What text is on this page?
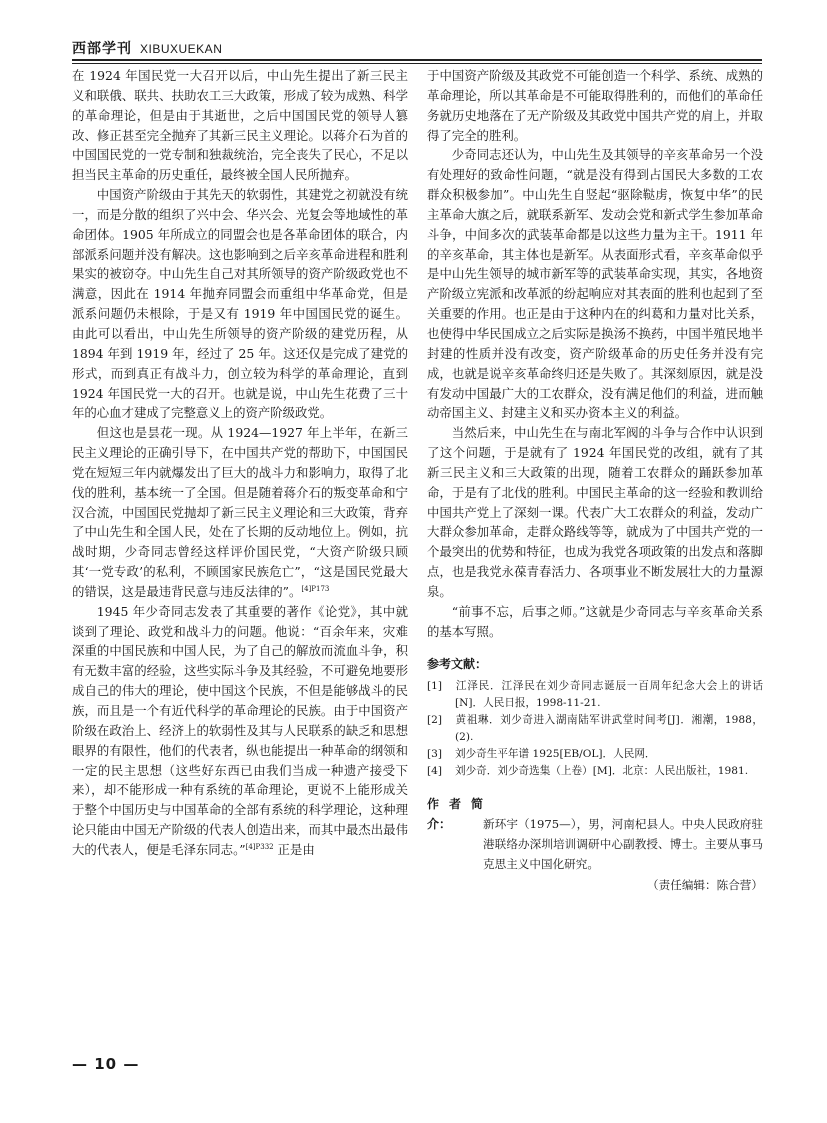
西部学刊 XIBUXUEKAN

在 1924 年国民党一大召开以后，中山先生提出了新三民主义和联俄、联共、扶助农工三大政策，形成了较为成熟、科学的革命理论，但是由于其逝世，之后中国国民党的领导人篡改、修正甚至完全抛弃了其新三民主义理论。以蒋介石为首的中国国民党的一党专制和独裁统治，完全丧失了民心，不足以担当民主革命的历史重任，最终被全国人民所抛弃。

中国资产阶级由于其先天的软弱性，其建党之初就没有统一，而是分散的组织了兴中会、华兴会、光复会等地域性的革命团体。1905 年所成立的同盟会也是各革命团体的联合，内部派系问题并没有解决。这也影响到之后辛亥革命进程和胜利果实的被窃夺。中山先生自己对其所领导的资产阶级政党也不满意，因此在 1914 年抛弃同盟会而重组中华革命党，但是派系问题仍未根除，于是又有 1919 年中国国民党的诞生。由此可以看出，中山先生所领导的资产阶级的建党历程，从 1894 年到 1919 年，经过了 25 年。这还仅是完成了建党的形式，而到真正有战斗力，创立较为科学的革命理论，直到 1924 年国民党一大的召开。也就是说，中山先生花费了三十年的心血才建成了完整意义上的资产阶级政党。

但这也是昙花一现。从 1924—1927 年上半年，在新三民主义理论的正确引导下，在中国共产党的帮助下，中国国民党在短短三年内就爆发出了巨大的战斗力和影响力，取得了北伐的胜利，基本统一了全国。但是随着蒋介石的叛变革命和宁汉合流，中国国民党抛却了新三民主义理论和三大政策，背弃了中山先生和全国人民，处在了长期的反动地位上。例如，抗战时期，少奇同志曾经这样评价国民党，“大资产阶级只顾其‘一党专政’的私利，不顾国家民族危亡”，“这是国民党最大的错误，这是最违背民意与违反法律的”。$^{[4]P173}$

1945 年少奇同志发表了其重要的著作《论党》，其中就谈到了理论、政党和战斗力的问题。他说：“百余年来，灾难深重的中国民族和中国人民，为了自己的解放而流血斗争，积有无数丰富的经验，这些实际斗争及其经验，不可避免地要形成自己的伟大的理论，使中国这个民族，不但是能够战斗的民族，而且是一个有近代科学的革命理论的民族。由于中国资产阶级在政治上、经济上的软弱性及其与人民联系的缺乏和思想眼界的有限性，他们的代表者，纵也能提出一种革命的纲领和一定的民主思想（这些好东西已由我们当成一种遗产接受下来），却不能形成一种有系统的革命理论，更说不上能形成关于整个中国历史与中国革命的全部有系统的科学理论，这种理论只能由中国无产阶级的代表人创造出来，而其中最杰出最伟大的代表人，便是毛泽东同志。”$^{[4]P332}$ 正是由

于中国资产阶级及其政党不可能创造一个科学、系统、成熟的革命理论，所以其革命是不可能取得胜利的，而他们的革命任务就历史地落在了无产阶级及其政党中国共产党的肩上，并取得了完全的胜利。

少奇同志还认为，中山先生及其领导的辛亥革命另一个没有处理好的致命性问题，“就是没有得到占国民大多数的工农群众积极参加”。中山先生自竖起“驱除鞑虏，恢复中华”的民主革命大旗之后，就联系新军、发动会党和新式学生参加革命斗争，中间多次的武装革命都是以这些力量为主干。1911 年的辛亥革命，其主体也是新军。从表面形式看，辛亥革命似乎是中山先生领导的城市新军等的武装革命实现，其实，各地资产阶级立宪派和改革派的纷起响应对其表面的胜利也起到了至关重要的作用。也正是由于这种内在的纠葛和力量对比关系，也使得中华民国成立之后实际是换汤不换药，中国半殖民地半封建的性质并没有改变，资产阶级革命的历史任务并没有完成，也就是说辛亥革命终归还是失败了。其深刻原因，就是没有发动中国最广大的工农群众，没有满足他们的利益，进而触动帝国主义、封建主义和买办资本主义的利益。

当然后来，中山先生在与南北军阀的斗争与合作中认识到了这个问题，于是就有了 1924 年国民党的改组，就有了其新三民主义和三大政策的出现，随着工农群众的踊跃参加革命，于是有了北伐的胜利。中国民主革命的这一经验和教训给中国共产党上了深刻一课。代表广大工农群众的利益，发动广大群众参加革命，走群众路线等等，就成为了中国共产党的一个最突出的优势和特征，也成为我党各项政策的出发点和落脚点，也是我党永葆青春活力、各项事业不断发展壮大的力量源泉。

“前事不忘，后事之师。”这就是少奇同志与辛亥革命关系的基本写照。

参考文献：
[1] 江泽民．江泽民在刘少奇同志诞辰一百周年纪念大会上的讲话[N]．人民日报，1998-11-21.
[2] 黄祖琳．刘少奇进入湖南陆军讲武堂时间考[J]．湘潮，1988，(2).
[3] 刘少奇生平年谱 1925[EB/OL]．人民网．
[4] 刘少奇．刘少奇选集（上卷）[M]．北京：人民出版社，1981.
作者简介：	新环宇（1975—），男，河南杞县人。中央人民政府驻港联络办深圳培训调研中心副教授、博士。主要从事马克思主义中国化研究。
（责任编辑：陈合营）
— 10 —
